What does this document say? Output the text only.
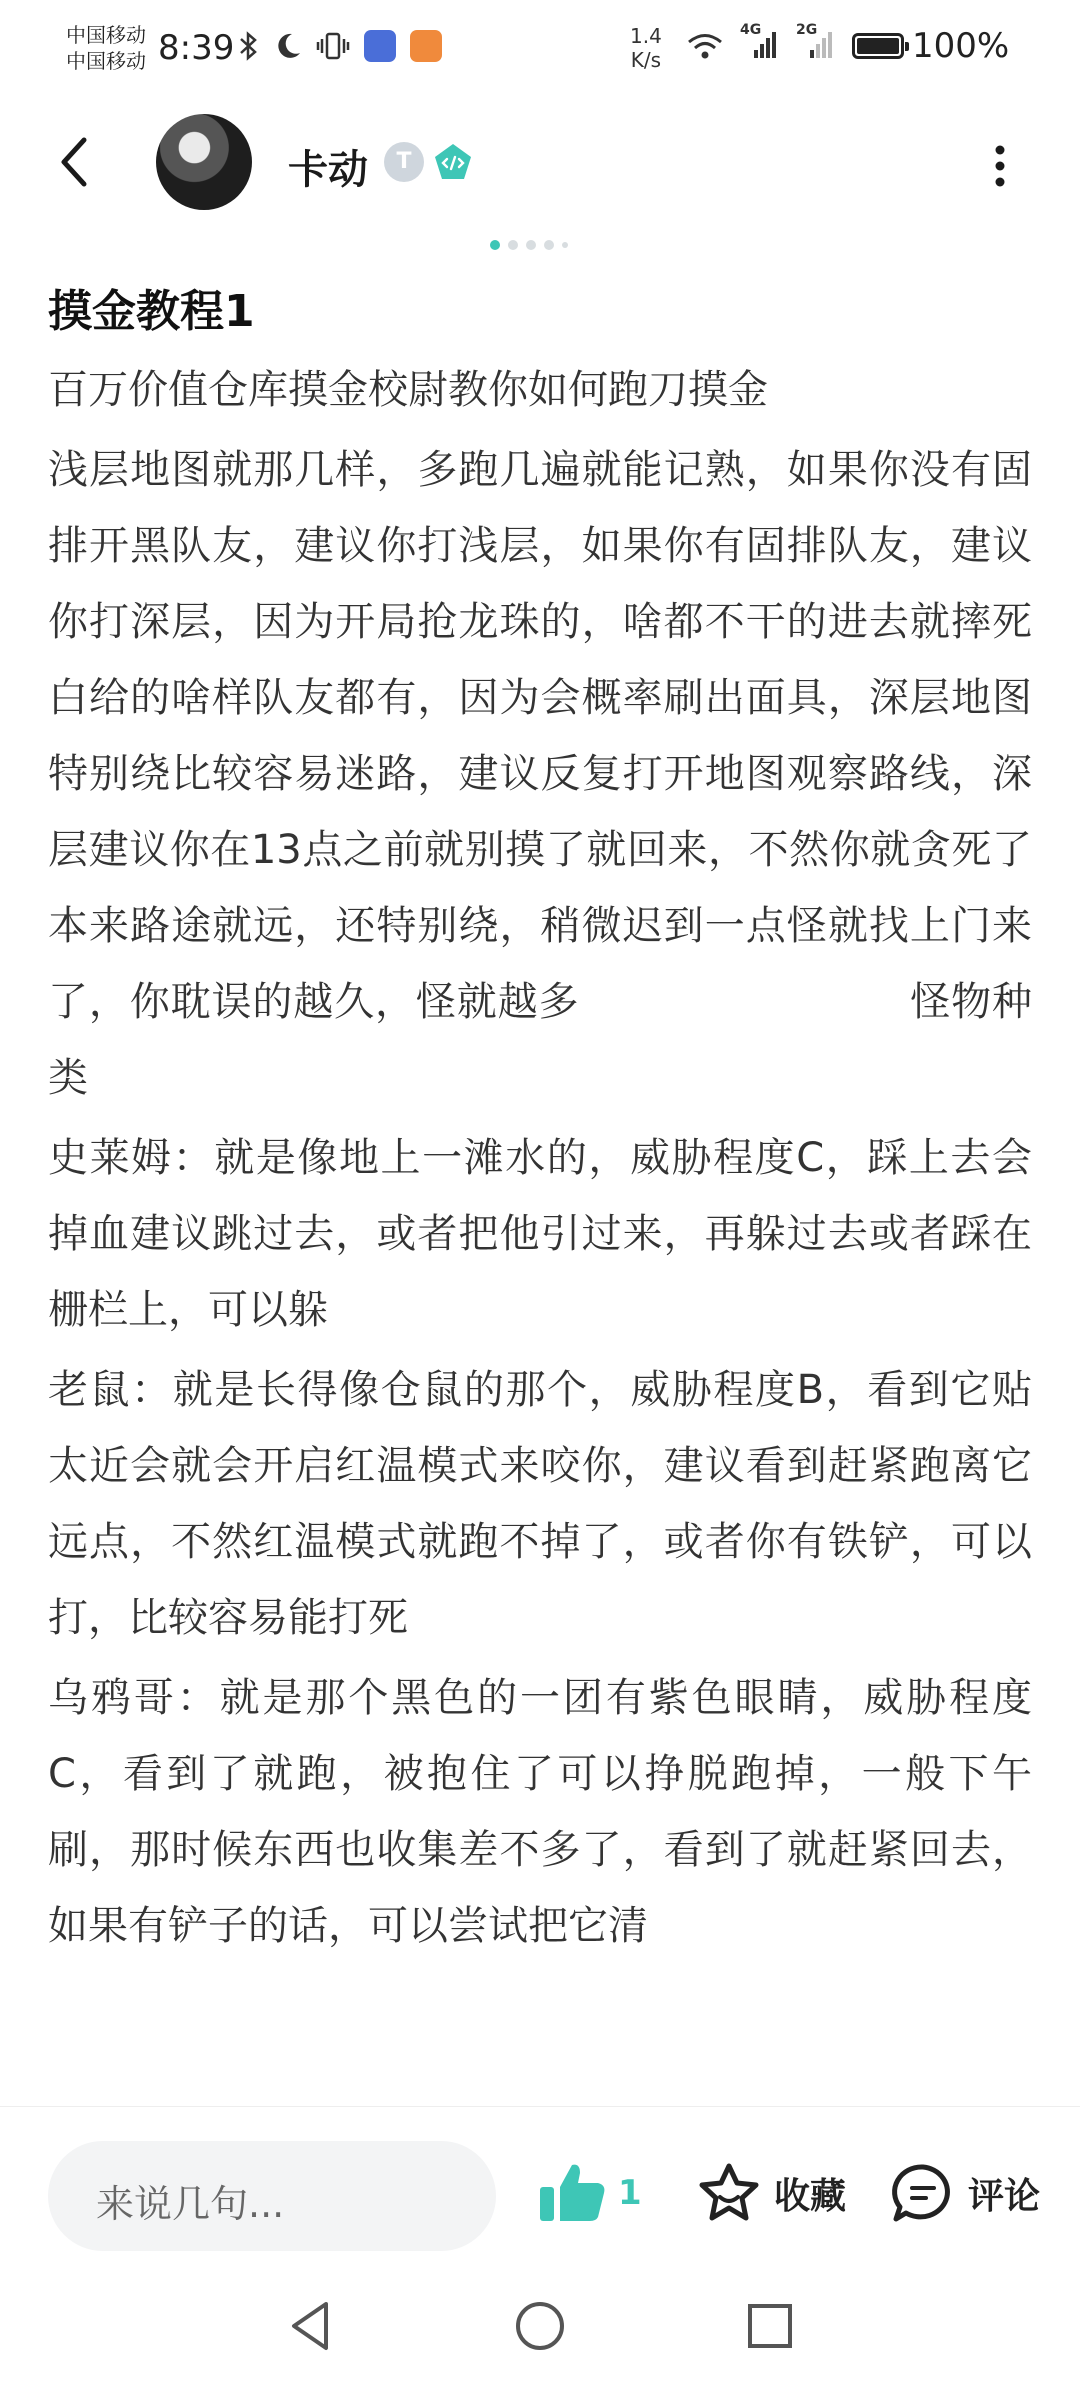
中国移动
中国移动 8:39	1.4
K/s
4G 2G	100%
卡动	T
摸金教程1
百万价值仓库摸金校尉教你如何跑刀摸金

浅层地图就那几样，多跑几遍就能记熟，如果你没有固排开黑队友，建议你打浅层，如果你有固排队友，建议你打深层，因为开局抢龙珠的，啥都不干的进去就摔死白给的啥样队友都有，因为会概率刷出面具，深层地图特别绕比较容易迷路，建议反复打开地图观察路线，深层建议你在13点之前就别摸了就回来，不然你就贪死了本来路途就远，还特别绕，稍微迟到一点怪就找上门来了，你耽误的越久，怪就越多	怪物种类

史莱姆：就是像地上一滩水的，威胁程度C，踩上去会掉血建议跳过去，或者把他引过来，再躲过去或者踩在栅栏上，可以躲

老鼠：就是长得像仓鼠的那个，威胁程度B，看到它贴太近会就会开启红温模式来咬你，建议看到赶紧跑离它远点，不然红温模式就跑不掉了，或者你有铁铲，可以打，比较容易能打死

乌鸦哥：就是那个黑色的一团有紫色眼睛，威胁程度C，看到了就跑，被抱住了可以挣脱跑掉，一般下午刷，那时候东西也收集差不多了，看到了就赶紧回去，如果有铲子的话，可以尝试把它清

来说几句...	1	收藏	评论
